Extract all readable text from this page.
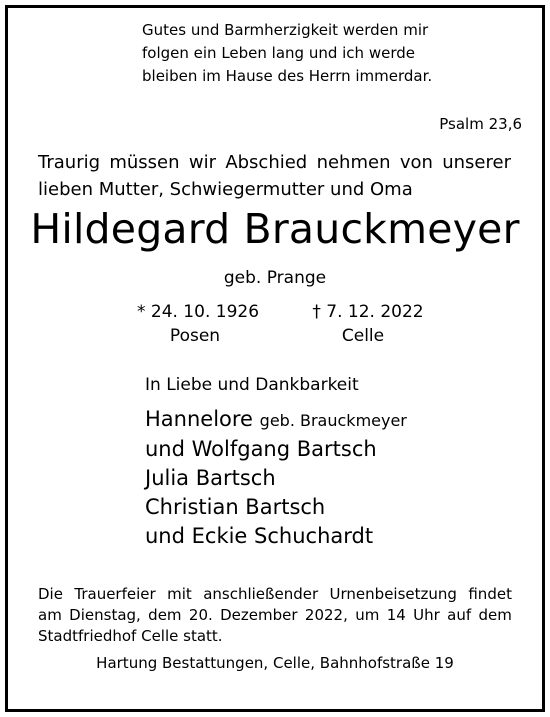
Gutes und Barmherzigkeit werden mir
folgen ein Leben lang und ich werde
bleiben im Hause des Herrn immerdar.
Psalm 23,6
Traurig müssen wir Abschied nehmen von unserer
lieben Mutter, Schwiegermutter und Oma
Hildegard Brauckmeyer
geb. Prange
* 24. 10. 1926
Posen
† 7. 12. 2022
Celle
In Liebe und Dankbarkeit
Hannelore geb. Brauckmeyer
und Wolfgang Bartsch
Julia Bartsch
Christian Bartsch
und Eckie Schuchardt
Die Trauerfeier mit anschließender Urnenbeisetzung findet
am Dienstag, dem 20. Dezember 2022, um 14 Uhr auf dem
Stadtfriedhof Celle statt.
Hartung Bestattungen, Celle, Bahnhofstraße 19
